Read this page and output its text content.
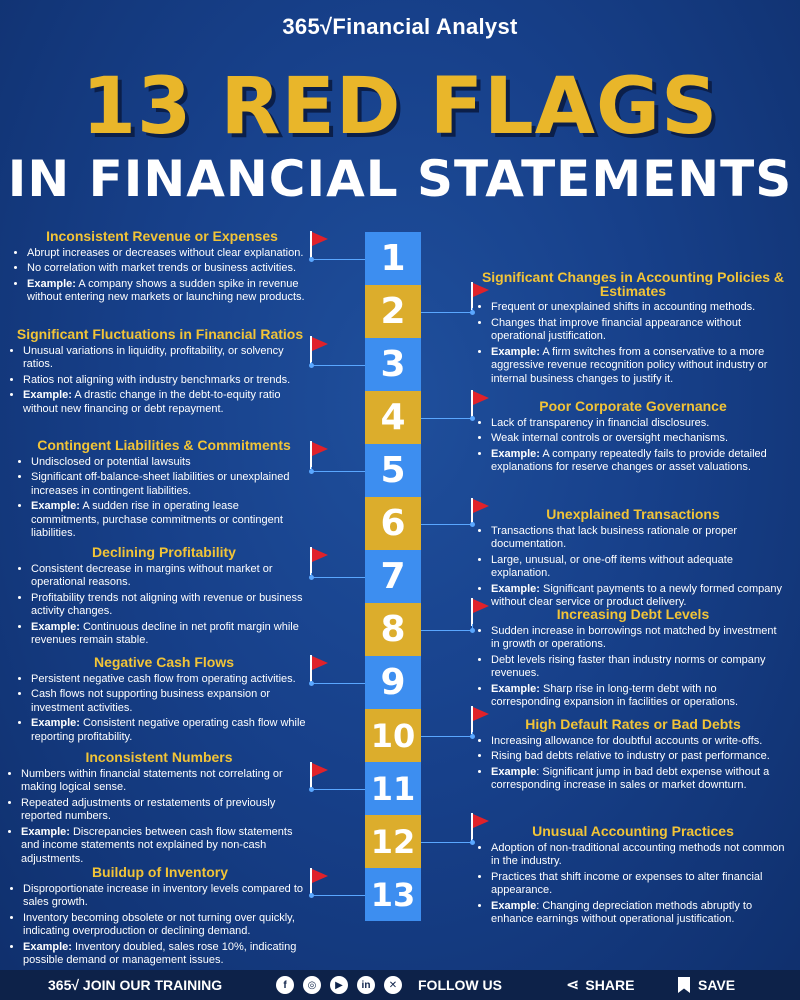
365√Financial Analyst
13 RED FLAGS
IN FINANCIAL STATEMENTS
1
2
3
4
5
6
7
8
9
10
11
12
13
Inconsistent Revenue or Expenses
• Abrupt increases or decreases without clear explanation.
• No correlation with market trends or business activities.
• Example: A company shows a sudden spike in revenue without entering new markets or launching new products.
Significant Fluctuations in Financial Ratios
• Unusual variations in liquidity, profitability, or solvency ratios.
• Ratios not aligning with industry benchmarks or trends.
• Example: A drastic change in the debt-to-equity ratio without new financing or debt repayment.
Contingent Liabilities & Commitments
• Undisclosed or potential lawsuits
• Significant off-balance-sheet liabilities or unexplained increases in contingent liabilities.
• Example: A sudden rise in operating lease commitments, purchase commitments or contingent liabilities.
Declining Profitability
• Consistent decrease in margins without market or operational reasons.
• Profitability trends not aligning with revenue or business activity changes.
• Example: Continuous decline in net profit margin while revenues remain stable.
Negative Cash Flows
• Persistent negative cash flow from operating activities.
• Cash flows not supporting business expansion or investment activities.
• Example: Consistent negative operating cash flow while reporting profitability.
Inconsistent Numbers
• Numbers within financial statements not correlating or making logical sense.
• Repeated adjustments or restatements of previously reported numbers.
• Example: Discrepancies between cash flow statements and income statements not explained by non-cash adjustments.
Buildup of Inventory
• Disproportionate increase in inventory levels compared to sales growth.
• Inventory becoming obsolete or not turning over quickly, indicating overproduction or declining demand.
• Example: Inventory doubled, sales rose 10%, indicating possible demand or management issues.
Significant Changes in Accounting Policies & Estimates
• Frequent or unexplained shifts in accounting methods.
• Changes that improve financial appearance without operational justification.
• Example: A firm switches from a conservative to a more aggressive revenue recognition policy without industry or internal business changes to justify it.
Poor Corporate Governance
• Lack of transparency in financial disclosures.
• Weak internal controls or oversight mechanisms.
• Example: A company repeatedly fails to provide detailed explanations for reserve changes or asset valuations.
Unexplained Transactions
• Transactions that lack business rationale or proper documentation.
• Large, unusual, or one-off items without adequate explanation.
• Example: Significant payments to a newly formed company without clear service or product delivery.
Increasing Debt Levels
• Sudden increase in borrowings not matched by investment in growth or operations.
• Debt levels rising faster than industry norms or company revenues.
• Example: Sharp rise in long-term debt with no corresponding expansion in facilities or operations.
High Default Rates or Bad Debts
• Increasing allowance for doubtful accounts or write-offs.
• Rising bad debts relative to industry or past performance.
• Example: Significant jump in bad debt expense without a corresponding increase in sales or market downturn.
Unusual Accounting Practices
• Adoption of non-traditional accounting methods not common in the industry.
• Practices that shift income or expenses to alter financial appearance.
• Example: Changing depreciation methods abruptly to enhance earnings without operational justification.
365√ JOIN OUR TRAINING	f	◎	▶	in	✕	FOLLOW US	⋖ SHARE	SAVE
